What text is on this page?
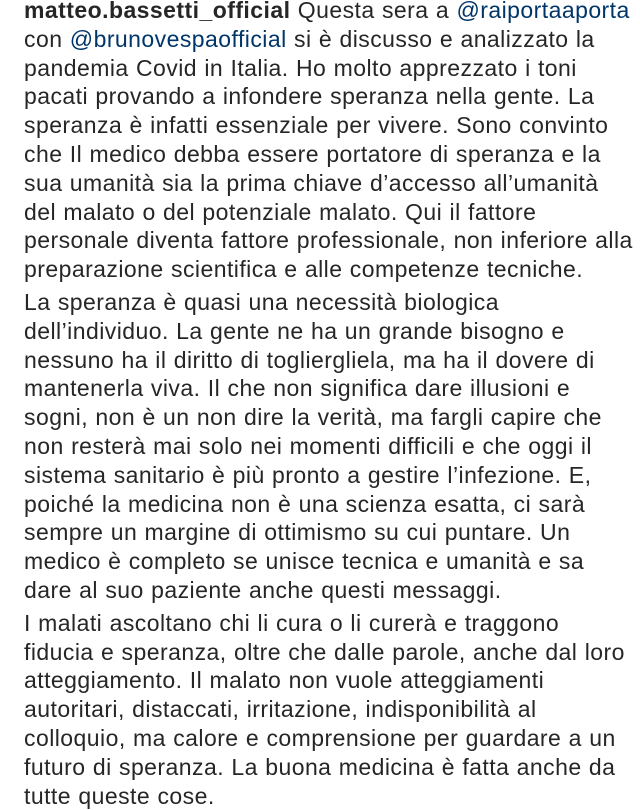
matteo.bassetti_official Questa sera a @raiportaaporta con @brunovespaofficial si è discusso e analizzato la pandemia Covid in Italia. Ho molto apprezzato i toni pacati provando a infondere speranza nella gente. La speranza è infatti essenziale per vivere. Sono convinto che Il medico debba essere portatore di speranza e la sua umanità sia la prima chiave d’accesso all’umanità del malato o del potenziale malato. Qui il fattore personale diventa fattore professionale, non inferiore alla preparazione scientifica e alle competenze tecniche.

La speranza è quasi una necessità biologica dell’individuo. La gente ne ha un grande bisogno e nessuno ha il diritto di toglierglielа, ma ha il dovere di mantenerla viva. Il che non significa dare illusioni e sogni, non è un non dire la verità, ma fargli capire che non resterà mai solo nei momenti difficili e che oggi il sistema sanitario è più pronto a gestire l’infezione. E, poiché la medicina non è una scienza esatta, ci sarà sempre un margine di ottimismo su cui puntare. Un medico è completo se unisce tecnica e umanità e sa dare al suo paziente anche questi messaggi.

I malati ascoltano chi li cura o li curerà e traggono fiducia e speranza, oltre che dalle parole, anche dal loro atteggiamento. Il malato non vuole atteggiamenti autoritari, distaccati, irritazione, indisponibilità al colloquio, ma calore e comprensione per guardare a un futuro di speranza. La buona medicina è fatta anche da tutte queste cose.
